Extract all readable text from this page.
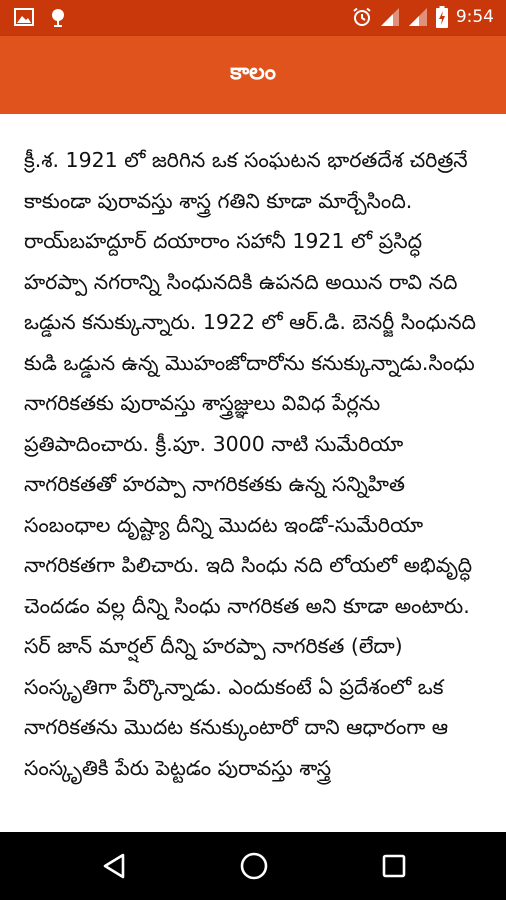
9:54
కాలం

క్రీ.శ. 1921 లో జరిగిన ఒక సంఘటన భారతదేశ చరిత్రనే కాకుండా పురావస్తు శాస్త్ర గతిని కూడా మార్చేసింది. రాయ్‌బహద్దూర్ దయారాం సహానీ 1921 లో ప్రసిద్ధ హరప్పా నగరాన్ని సింధునదికి ఉపనది అయిన రావి నది ఒడ్డున కనుక్కున్నారు. 1922 లో ఆర్.డి. బెనర్జీ సింధునది కుడి ఒడ్డున ఉన్న మొహంజోదారోను కనుక్కున్నాడు.సింధు నాగరికతకు పురావస్తు శాస్త్రజ్ఞులు వివిధ పేర్లను ప్రతిపాదించారు. క్రీ.పూ. 3000 నాటి సుమేరియా నాగరికతతో హరప్పా నాగరికతకు ఉన్న సన్నిహిత సంబంధాల దృష్ట్యా దీన్ని మొదట ఇండో-సుమేరియా నాగరికతగా పిలిచారు. ఇది సింధు నది లోయలో అభివృద్ధి చెందడం వల్ల దీన్ని సింధు నాగరికత అని కూడా అంటారు. సర్ జాన్ మార్షల్ దీన్ని హరప్పా నాగరికత (లేదా) సంస్కృతిగా పేర్కొన్నాడు. ఎందుకంటే ఏ ప్రదేశంలో ఒక నాగరికతను మొదట కనుక్కుంటారో దాని ఆధారంగా ఆ సంస్కృతికి పేరు పెట్టడం పురావస్తు శాస్త్ర
